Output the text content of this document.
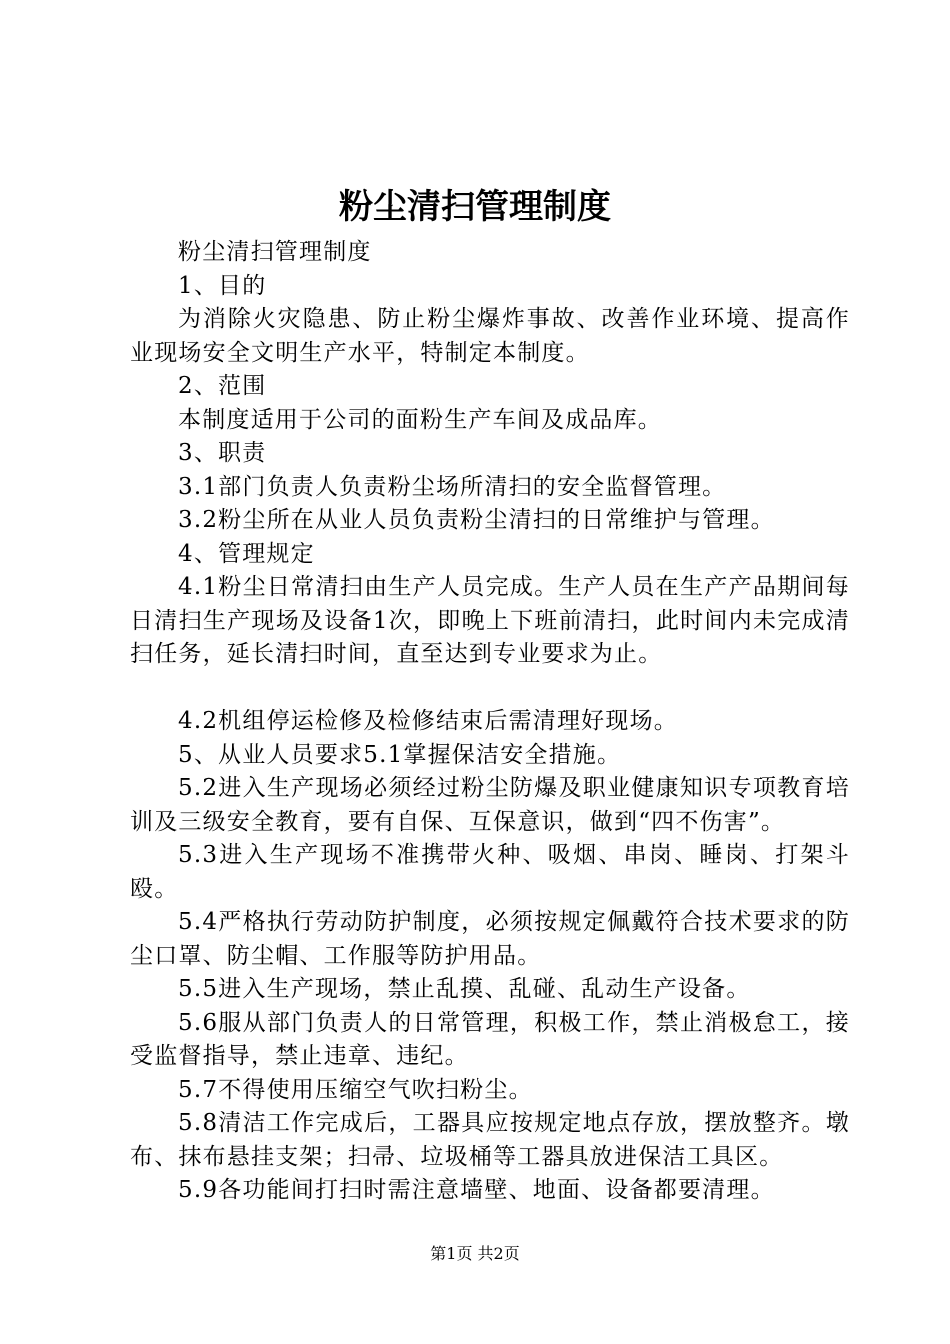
粉尘清扫管理制度

粉尘清扫管理制度

1、目的

为消除火灾隐患、防止粉尘爆炸事故、改善作业环境、提高作业现场安全文明生产水平，特制定本制度。

2、范围

本制度适用于公司的面粉生产车间及成品库。

3、职责

3.1部门负责人负责粉尘场所清扫的安全监督管理。

3.2粉尘所在从业人员负责粉尘清扫的日常维护与管理。

4、管理规定

4.1粉尘日常清扫由生产人员完成。生产人员在生产产品期间每日清扫生产现场及设备1次，即晚上下班前清扫，此时间内未完成清扫任务，延长清扫时间，直至达到专业要求为止。

4.2机组停运检修及检修结束后需清理好现场。

5、从业人员要求5.1掌握保洁安全措施。

5.2进入生产现场必须经过粉尘防爆及职业健康知识专项教育培训及三级安全教育，要有自保、互保意识，做到“四不伤害”。

5.3进入生产现场不准携带火种、吸烟、串岗、睡岗、打架斗殴。

5.4严格执行劳动防护制度，必须按规定佩戴符合技术要求的防尘口罩、防尘帽、工作服等防护用品。

5.5进入生产现场，禁止乱摸、乱碰、乱动生产设备。

5.6服从部门负责人的日常管理，积极工作，禁止消极怠工，接受监督指导，禁止违章、违纪。

5.7不得使用压缩空气吹扫粉尘。

5.8清洁工作完成后，工器具应按规定地点存放，摆放整齐。墩布、抹布悬挂支架；扫帚、垃圾桶等工器具放进保洁工具区。

5.9各功能间打扫时需注意墙壁、地面、设备都要清理。

第1页 共2页
